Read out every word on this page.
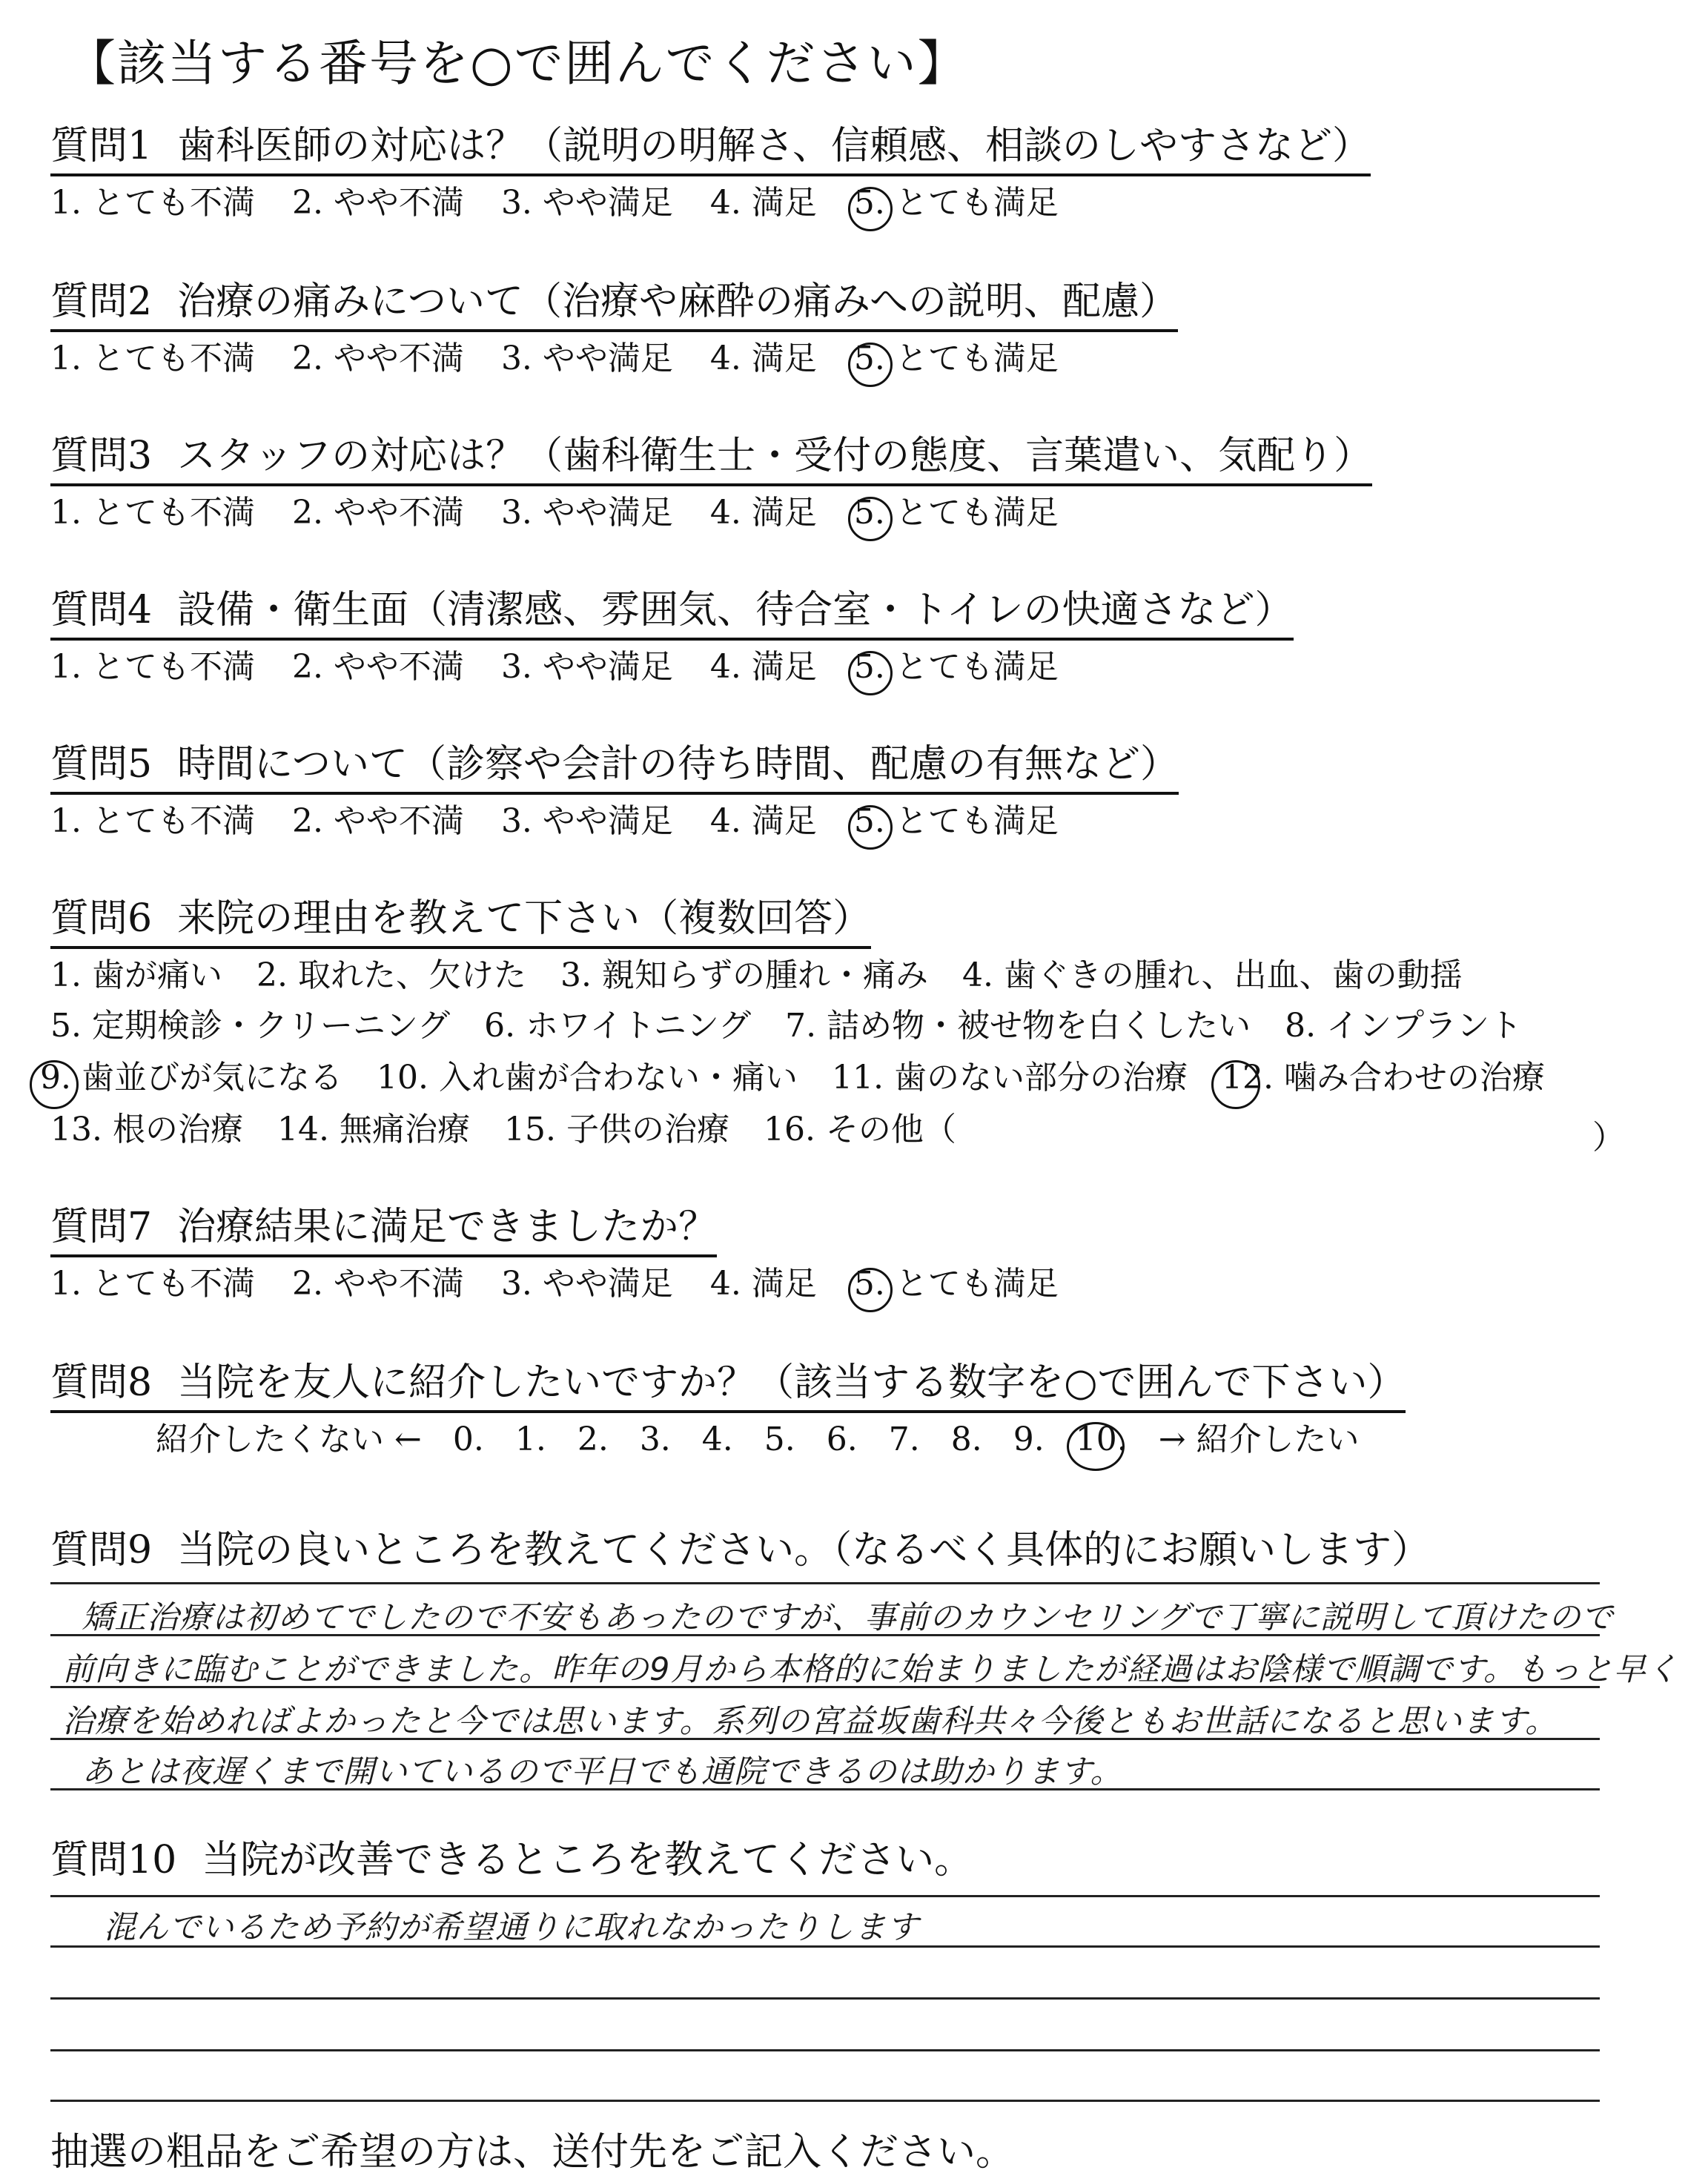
【該当する番号を○で囲んでください】
質問1 歯科医師の対応は？（説明の明解さ、信頼感、相談のしやすさなど）
1. とても不満 2. やや不満 3. やや満足 4. 満足 5. とても満足
質問2 治療の痛みについて（治療や麻酔の痛みへの説明、配慮）
1. とても不満 2. やや不満 3. やや満足 4. 満足 5. とても満足
質問3 スタッフの対応は？（歯科衛生士・受付の態度、言葉遣い、気配り）
1. とても不満 2. やや不満 3. やや満足 4. 満足 5. とても満足
質問4 設備・衛生面（清潔感、雰囲気、待合室・トイレの快適さなど）
1. とても不満 2. やや不満 3. やや満足 4. 満足 5. とても満足
質問5 時間について（診察や会計の待ち時間、配慮の有無など）
1. とても不満 2. やや不満 3. やや満足 4. 満足 5. とても満足
質問6 来院の理由を教えて下さい（複数回答）
1. 歯が痛い 2. 取れた、欠けた 3. 親知らずの腫れ・痛み 4. 歯ぐきの腫れ、出血、歯の動揺
5. 定期検診・クリーニング 6. ホワイトニング 7. 詰め物・被せ物を白くしたい 8. インプラント
9. 歯並びが気になる 10. 入れ歯が合わない・痛い 11. 歯のない部分の治療 12. 噛み合わせの治療
13. 根の治療 14. 無痛治療 15. 子供の治療 16. その他（	）
質問7 治療結果に満足できましたか？
1. とても不満 2. やや不満 3. やや満足 4. 満足 5. とても満足
質問8 当院を友人に紹介したいですか？（該当する数字を○で囲んで下さい）
紹介したくない ← 0. 1. 2. 3. 4. 5. 6. 7. 8. 9. 10. → 紹介したい
質問9 当院の良いところを教えてください。（なるべく具体的にお願いします）
矯正治療は初めてでしたので不安もあったのですが、事前のカウンセリングで丁寧に説明して頂けたので
前向きに臨むことができました。昨年の9月から本格的に始まりましたが経過はお陰様で順調です。もっと早く
治療を始めればよかったと今では思います。系列の宮益坂歯科共々今後ともお世話になると思います。
あとは夜遅くまで開いているので平日でも通院できるのは助かります。
質問10 当院が改善できるところを教えてください。
混んでいるため予約が希望通りに取れなかったりします
抽選の粗品をご希望の方は、送付先をご記入ください。
